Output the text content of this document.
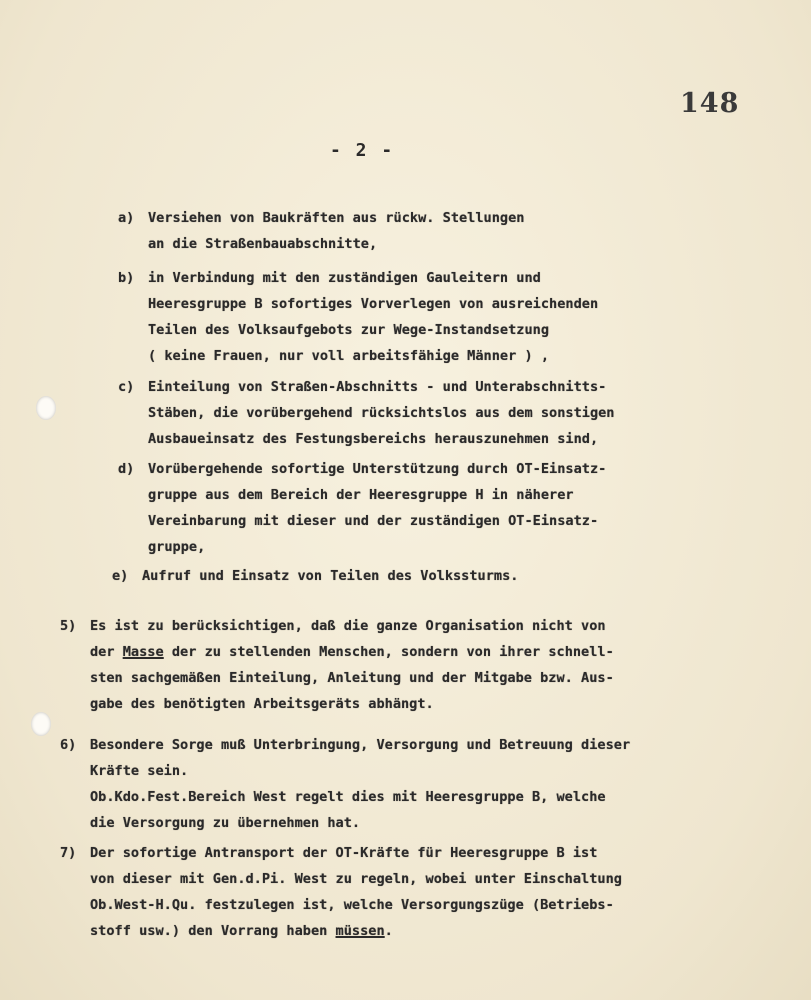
148
- 2 -
a) Versiehen von Baukräften aus rückw. Stellungen
an die Straßenbauabschnitte,
b) in Verbindung mit den zuständigen Gauleitern und
Heeresgruppe B sofortiges Vorverlegen von ausreichenden
Teilen des Volksaufgebots zur Wege-Instandsetzung
( keine Frauen, nur voll arbeitsfähige Männer ) ,
c) Einteilung von Straßen-Abschnitts - und Unterabschnitts-
Stäben, die vorübergehend rücksichtslos aus dem sonstigen
Ausbaueinsatz des Festungsbereichs herauszunehmen sind,
d) Vorübergehende sofortige Unterstützung durch OT-Einsatz-
gruppe aus dem Bereich der Heeresgruppe H in näherer
Vereinbarung mit dieser und der zuständigen OT-Einsatz-
gruppe,
e) Aufruf und Einsatz von Teilen des Volkssturms.
5) Es ist zu berücksichtigen, daß die ganze Organisation nicht von
der Masse der zu stellenden Menschen, sondern von ihrer schnell-
sten sachgemäßen Einteilung, Anleitung und der Mitgabe bzw. Aus-
gabe des benötigten Arbeitsgeräts abhängt.
6) Besondere Sorge muß Unterbringung, Versorgung und Betreuung dieser
Kräfte sein.
Ob.Kdo.Fest.Bereich West regelt dies mit Heeresgruppe B, welche
die Versorgung zu übernehmen hat.
7) Der sofortige Antransport der OT-Kräfte für Heeresgruppe B ist
von dieser mit Gen.d.Pi. West zu regeln, wobei unter Einschaltung
Ob.West-H.Qu. festzulegen ist, welche Versorgungszüge (Betriebs-
stoff usw.) den Vorrang haben müssen.
